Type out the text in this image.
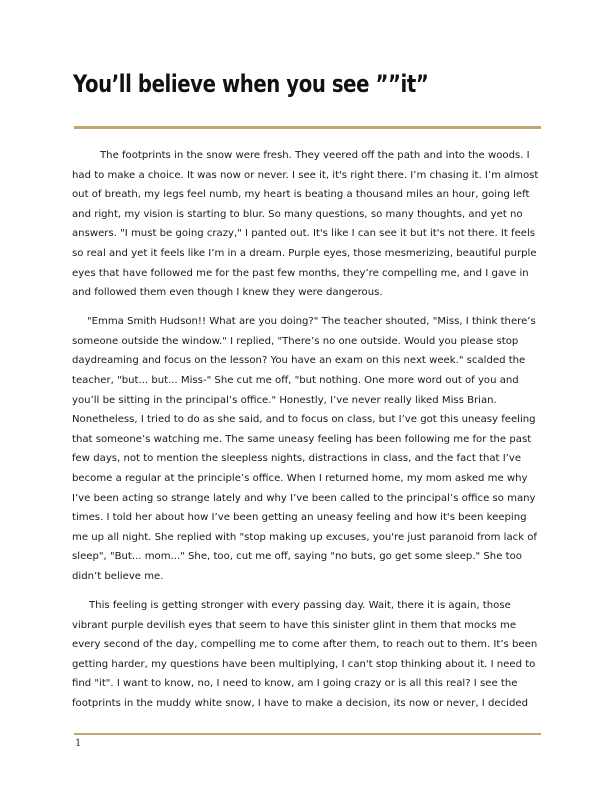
You’ll believe when you see ””it”

The footprints in the snow were fresh. They veered off the path and into the woods. I had to make a choice. It was now or never. I see it, it's right there. I’m chasing it. I’m almost out of breath, my legs feel numb, my heart is beating a thousand miles an hour, going left and right, my vision is starting to blur. So many questions, so many thoughts, and yet no answers. "I must be going crazy," I panted out. It's like I can see it but it's not there. It feels so real and yet it feels like I’m in a dream. Purple eyes, those mesmerizing, beautiful purple eyes that have followed me for the past few months, they’re compelling me, and I gave in and followed them even though I knew they were dangerous.

"Emma Smith Hudson!! What are you doing?" The teacher shouted, "Miss, I think there’s someone outside the window." I replied, "There’s no one outside. Would you please stop daydreaming and focus on the lesson? You have an exam on this next week." scalded the teacher, "but... but... Miss-" She cut me off, "but nothing. One more word out of you and you’ll be sitting in the principal’s office." Honestly, I’ve never really liked Miss Brian. Nonetheless, I tried to do as she said, and to focus on class, but I’ve got this uneasy feeling that someone’s watching me. The same uneasy feeling has been following me for the past few days, not to mention the sleepless nights, distractions in class, and the fact that I’ve become a regular at the principle’s office. When I returned home, my mom asked me why I’ve been acting so strange lately and why I’ve been called to the principal’s office so many times. I told her about how I’ve been getting an uneasy feeling and how it's been keeping me up all night. She replied with "stop making up excuses, you're just paranoid from lack of sleep", "But... mom..." She, too, cut me off, saying "no buts, go get some sleep." She too didn’t believe me.

This feeling is getting stronger with every passing day. Wait, there it is again, those vibrant purple devilish eyes that seem to have this sinister glint in them that mocks me every second of the day, compelling me to come after them, to reach out to them. It’s been getting harder, my questions have been multiplying, I can't stop thinking about it. I need to find "it". I want to know, no, I need to know, am I going crazy or is all this real? I see the footprints in the muddy white snow, I have to make a decision, its now or never, I decided

1
